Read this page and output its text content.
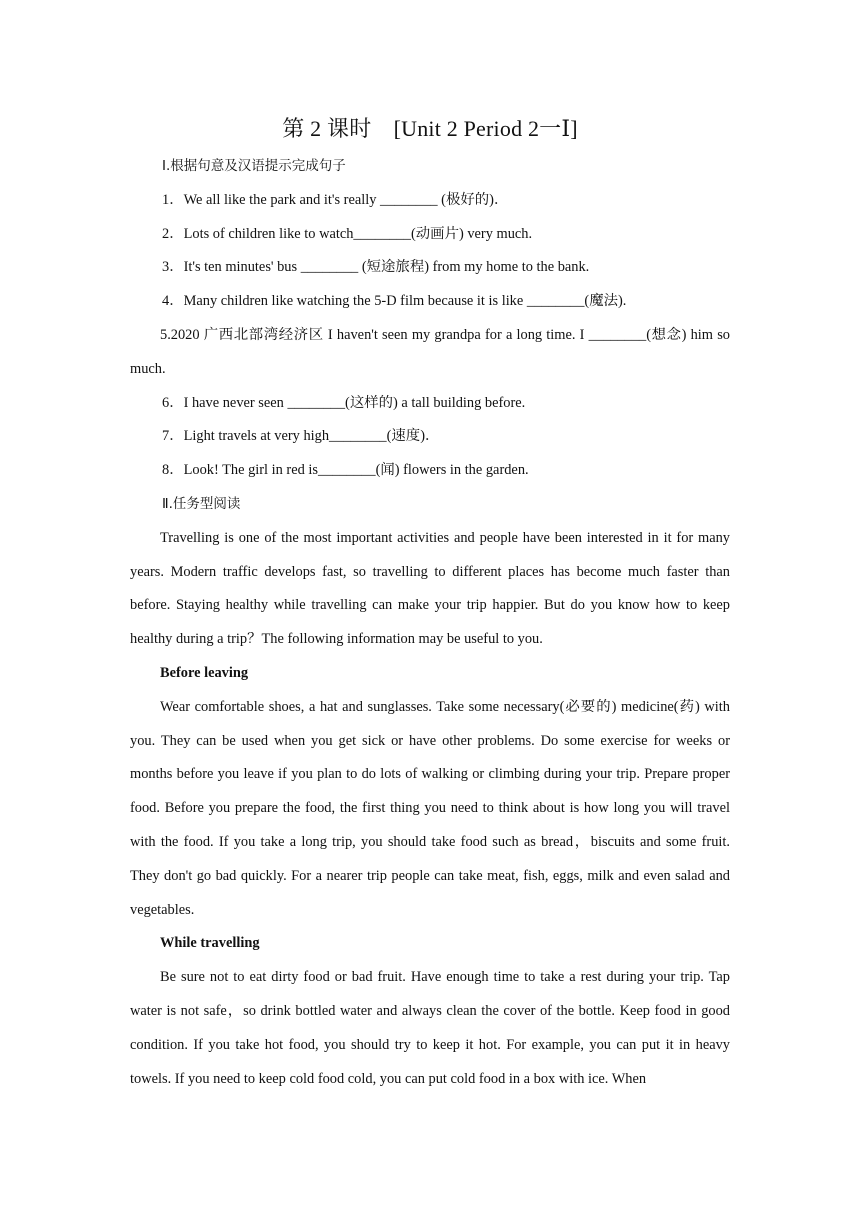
第 2 课时　[Unit 2 Period 2一Ⅰ]
Ⅰ.根据句意及汉语提示完成句子
1．We all like the park and it's really ________ (极好的)．
2．Lots of children like to watch________(动画片) very much.
3．It's ten minutes' bus ________ (短途旅程) from my home to the bank.
4．Many children like watching the 5-D film because it is like ________(魔法).
5.2020 广西北部湾经济区 I haven't seen my grandpa for a long time. I ________(想念) him so much.
6．I have never seen ________(这样的) a tall building before.
7．Light travels at very high________(速度)．
8．Look! The girl in red is________(闻) flowers in the garden.
Ⅱ.任务型阅读
Travelling is one of the most important activities and people have been interested in it for many years. Modern traffic develops fast, so travelling to different places has become much faster than before. Staying healthy while travelling can make your trip happier. But do you know how to keep healthy during a trip？The following information may be useful to you.
Before leaving
Wear comfortable shoes, a hat and sunglasses. Take some necessary(必要的) medicine(药) with you. They can be used when you get sick or have other problems. Do some exercise for weeks or months before you leave if you plan to do lots of walking or climbing during your trip. Prepare proper food. Before you prepare the food, the first thing you need to think about is how long you will travel with the food. If you take a long trip, you should take food such as bread，biscuits and some fruit. They don't go bad quickly. For a nearer trip people can take meat, fish, eggs, milk and even salad and vegetables.
While travelling
Be sure not to eat dirty food or bad fruit. Have enough time to take a rest during your trip. Tap water is not safe，so drink bottled water and always clean the cover of the bottle. Keep food in good condition. If you take hot food, you should try to keep it hot. For example, you can put it in heavy towels. If you need to keep cold food cold, you can put cold food in a box with ice. When
